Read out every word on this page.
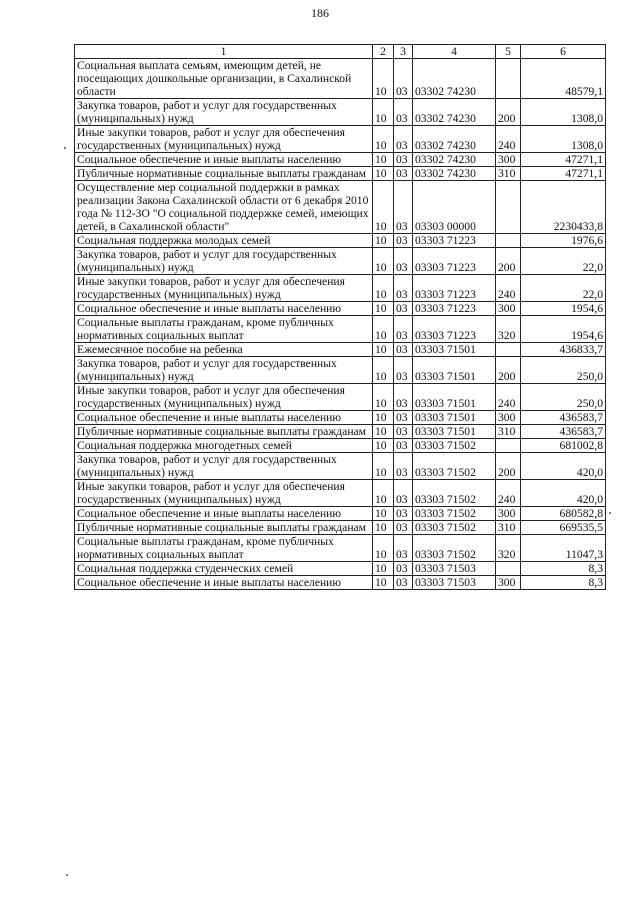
186
1	2	3	4	5	6
Социальная выплата семьям, имеющим детей, не посещающих дошкольные организации, в Сахалинской области	10	03	03302 74230		48579,1
Закупка товаров, работ и услуг для государственных (муниципальных) нужд	10	03	03302 74230	200	1308,0
Иные закупки товаров, работ и услуг для обеспечения государственных (муниципальных) нужд	10	03	03302 74230	240	1308,0
Социальное обеспечение и иные выплаты населению	10	03	03302 74230	300	47271,1
Публичные нормативные социальные выплаты гражданам	10	03	03302 74230	310	47271,1
Осуществление мер социальной поддержки в рамках реализации Закона Сахалинской области от 6 декабря 2010 года № 112-ЗО "О социальной поддержке семей, имеющих детей, в Сахалинской области"	10	03	03303 00000		2230433,8
Социальная поддержка молодых семей	10	03	03303 71223		1976,6
Закупка товаров, работ и услуг для государственных (муниципальных) нужд	10	03	03303 71223	200	22,0
Иные закупки товаров, работ и услуг для обеспечения государственных (муниципальных) нужд	10	03	03303 71223	240	22,0
Социальное обеспечение и иные выплаты населению	10	03	03303 71223	300	1954,6
Социальные выплаты гражданам, кроме публичных нормативных социальных выплат	10	03	03303 71223	320	1954,6
Ежемесячное пособие на ребенка	10	03	03303 71501		436833,7
Закупка товаров, работ и услуг для государственных (муниципальных) нужд	10	03	03303 71501	200	250,0
Иные закупки товаров, работ и услуг для обеспечения государственных (муниципальных) нужд	10	03	03303 71501	240	250,0
Социальное обеспечение и иные выплаты населению	10	03	03303 71501	300	436583,7
Публичные нормативные социальные выплаты гражданам	10	03	03303 71501	310	436583,7
Социальная поддержка многодетных семей	10	03	03303 71502		681002,8
Закупка товаров, работ и услуг для государственных (муниципальных) нужд	10	03	03303 71502	200	420,0
Иные закупки товаров, работ и услуг для обеспечения государственных (муниципальных) нужд	10	03	03303 71502	240	420,0
Социальное обеспечение и иные выплаты населению	10	03	03303 71502	300	680582,8
Публичные нормативные социальные выплаты гражданам	10	03	03303 71502	310	669535,5
Социальные выплаты гражданам, кроме публичных нормативных социальных выплат	10	03	03303 71502	320	11047,3
Социальная поддержка студенческих семей	10	03	03303 71503		8,3
Социальное обеспечение и иные выплаты населению	10	03	03303 71503	300	8,3
